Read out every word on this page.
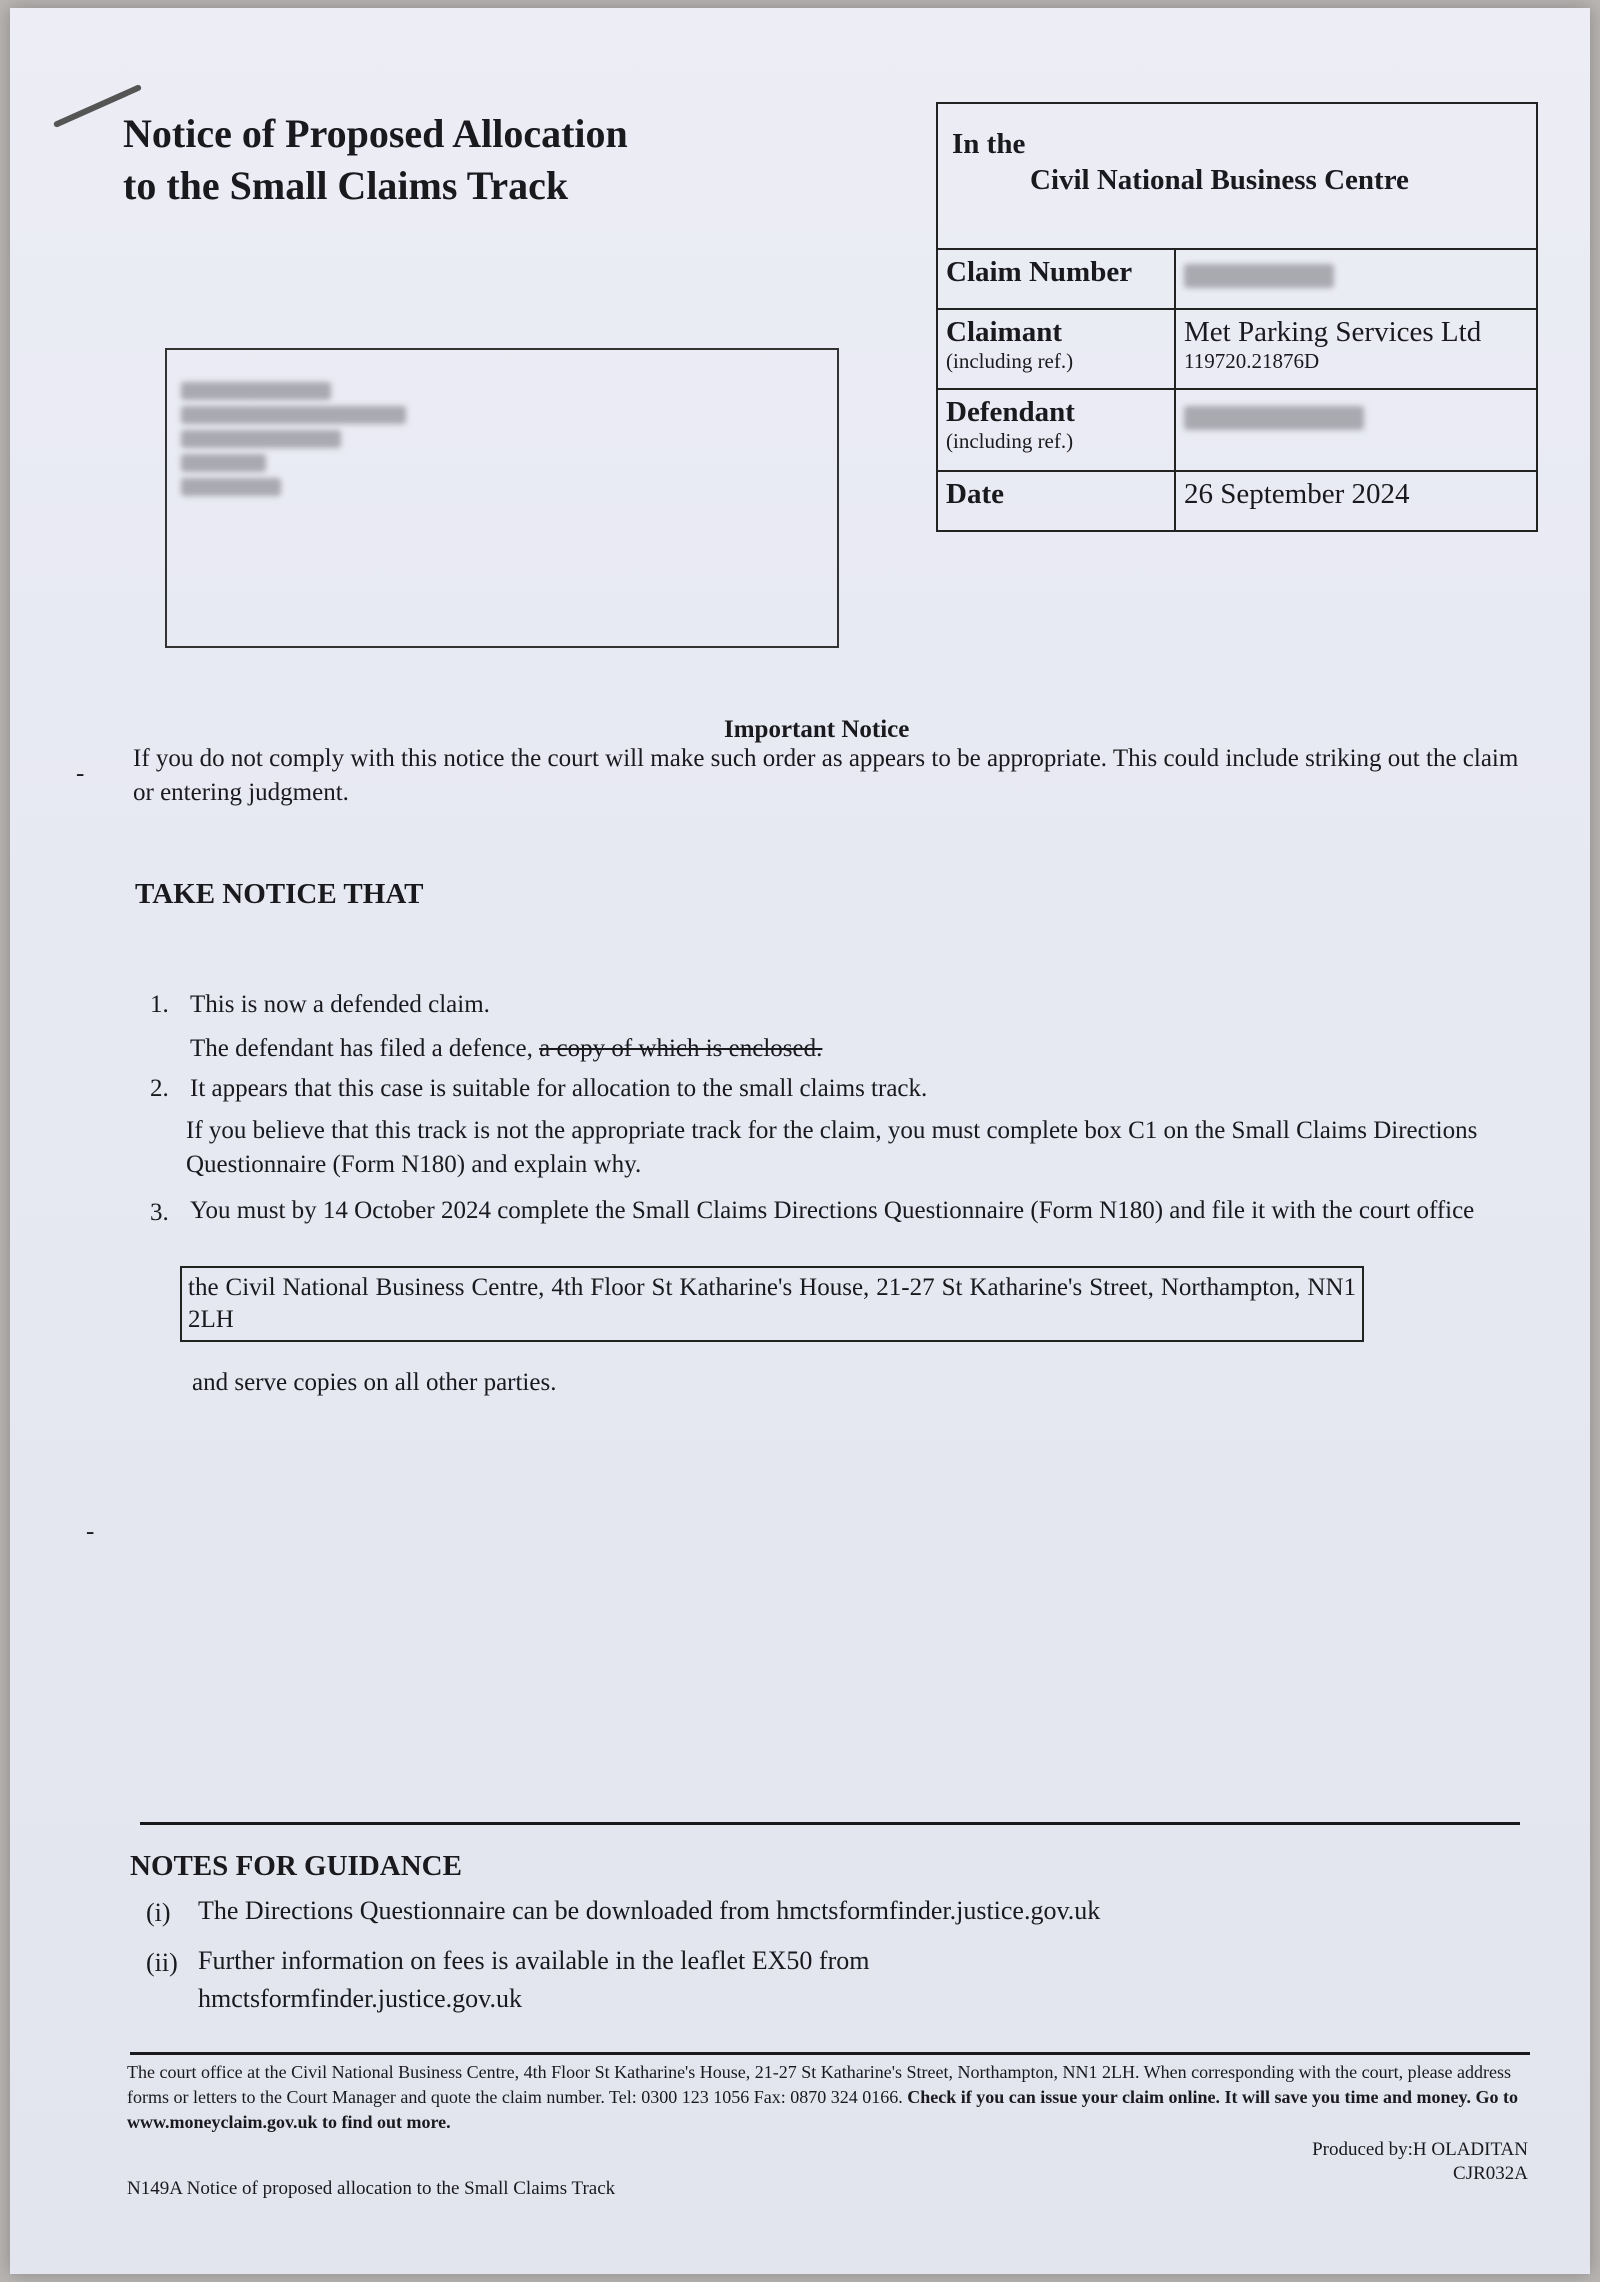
Notice of Proposed Allocation
to the Small Claims Track
In the
Civil National Business Centre
Claim Number
Claimant
(including ref.)
Met Parking Services Ltd
119720.21876D
Defendant
(including ref.)
Date	26 September 2024
Important Notice
-
If you do not comply with this notice the court will make such order as appears to be appropriate. This could include striking out the claim or entering judgment.
TAKE NOTICE THAT
1. This is now a defended claim.
The defendant has filed a defence, a copy of which is enclosed.
2. It appears that this case is suitable for allocation to the small claims track.
If you believe that this track is not the appropriate track for the claim, you must complete box C1 on the Small Claims Directions Questionnaire (Form N180) and explain why.
3. You must by 14 October 2024 complete the Small Claims Directions Questionnaire (Form N180) and file it with the court office
the Civil National Business Centre, 4th Floor St Katharine's House, 21-27 St Katharine's Street, Northampton, NN1 2LH
and serve copies on all other parties.
-
NOTES FOR GUIDANCE
(i) The Directions Questionnaire can be downloaded from hmctsformfinder.justice.gov.uk
(ii) Further information on fees is available in the leaflet EX50 from
hmctsformfinder.justice.gov.uk
The court office at the Civil National Business Centre, 4th Floor St Katharine's House, 21-27 St Katharine's Street, Northampton, NN1 2LH. When corresponding with the court, please address forms or letters to the Court Manager and quote the claim number. Tel: 0300 123 1056 Fax: 0870 324 0166. Check if you can issue your claim online. It will save you time and money. Go to www.moneyclaim.gov.uk to find out more.
Produced by:H OLADITAN
CJR032A
N149A Notice of proposed allocation to the Small Claims Track
